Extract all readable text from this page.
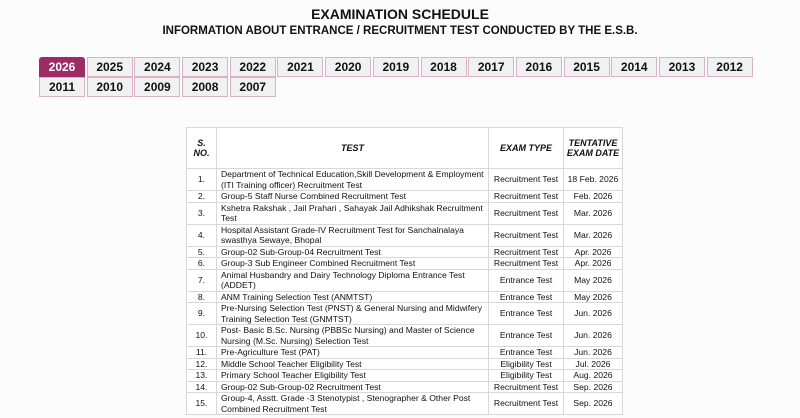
EXAMINATION SCHEDULE
INFORMATION ABOUT ENTRANCE / RECRUITMENT TEST CONDUCTED BY THE E.S.B.
2026	2025	2024	2023	2022	2021	2020	2019	2018	2017	2016	2015	2014	2013	2012
2011	2010	2009	2008	2007
S. NO.	TEST	EXAM TYPE	TENTATIVE EXAM DATE
1.	Department of Technical Education,Skill Development & Employment (ITI Training officer) Recruitment Test	Recruitment Test	18 Feb. 2026
2.	Group-5 Staff Nurse Combined Recruitment Test	Recruitment Test	Feb. 2026
3.	Kshetra Rakshak , Jail Prahari , Sahayak Jail Adhikshak Recruitment Test	Recruitment Test	Mar. 2026
4.	Hospital Assistant Grade-IV Recruitment Test for Sanchalnalaya swasthya Sewaye, Bhopal	Recruitment Test	Mar. 2026
5.	Group-02 Sub-Group-04 Recruitment Test	Recruitment Test	Apr. 2026
6.	Group-3 Sub Engineer Combined Recruitment Test	Recruitment Test	Apr. 2026
7.	Animal Husbandry and Dairy Technology Diploma Entrance Test (ADDET)	Entrance Test	May 2026
8.	ANM Training Selection Test (ANMTST)	Entrance Test	May 2026
9.	Pre-Nursing Selection Test (PNST) & General Nursing and Midwifery Training Selection Test (GNMTST)	Entrance Test	Jun. 2026
10.	Post- Basic B.Sc. Nursing (PBBSc Nursing) and Master of Science Nursing (M.Sc. Nursing) Selection Test	Entrance Test	Jun. 2026
11.	Pre-Agriculture Test (PAT)	Entrance Test	Jun. 2026
12.	Middle School Teacher Eligibility Test	Eligibility Test	Jul. 2026
13.	Primary School Teacher Eligibility Test	Eligibility Test	Aug. 2026
14.	Group-02 Sub-Group-02 Recruitment Test	Recruitment Test	Sep. 2026
15.	Group-4, Asstt. Grade -3 Stenotypist , Stenographer & Other Post Combined Recruitment Test	Recruitment Test	Sep. 2026
